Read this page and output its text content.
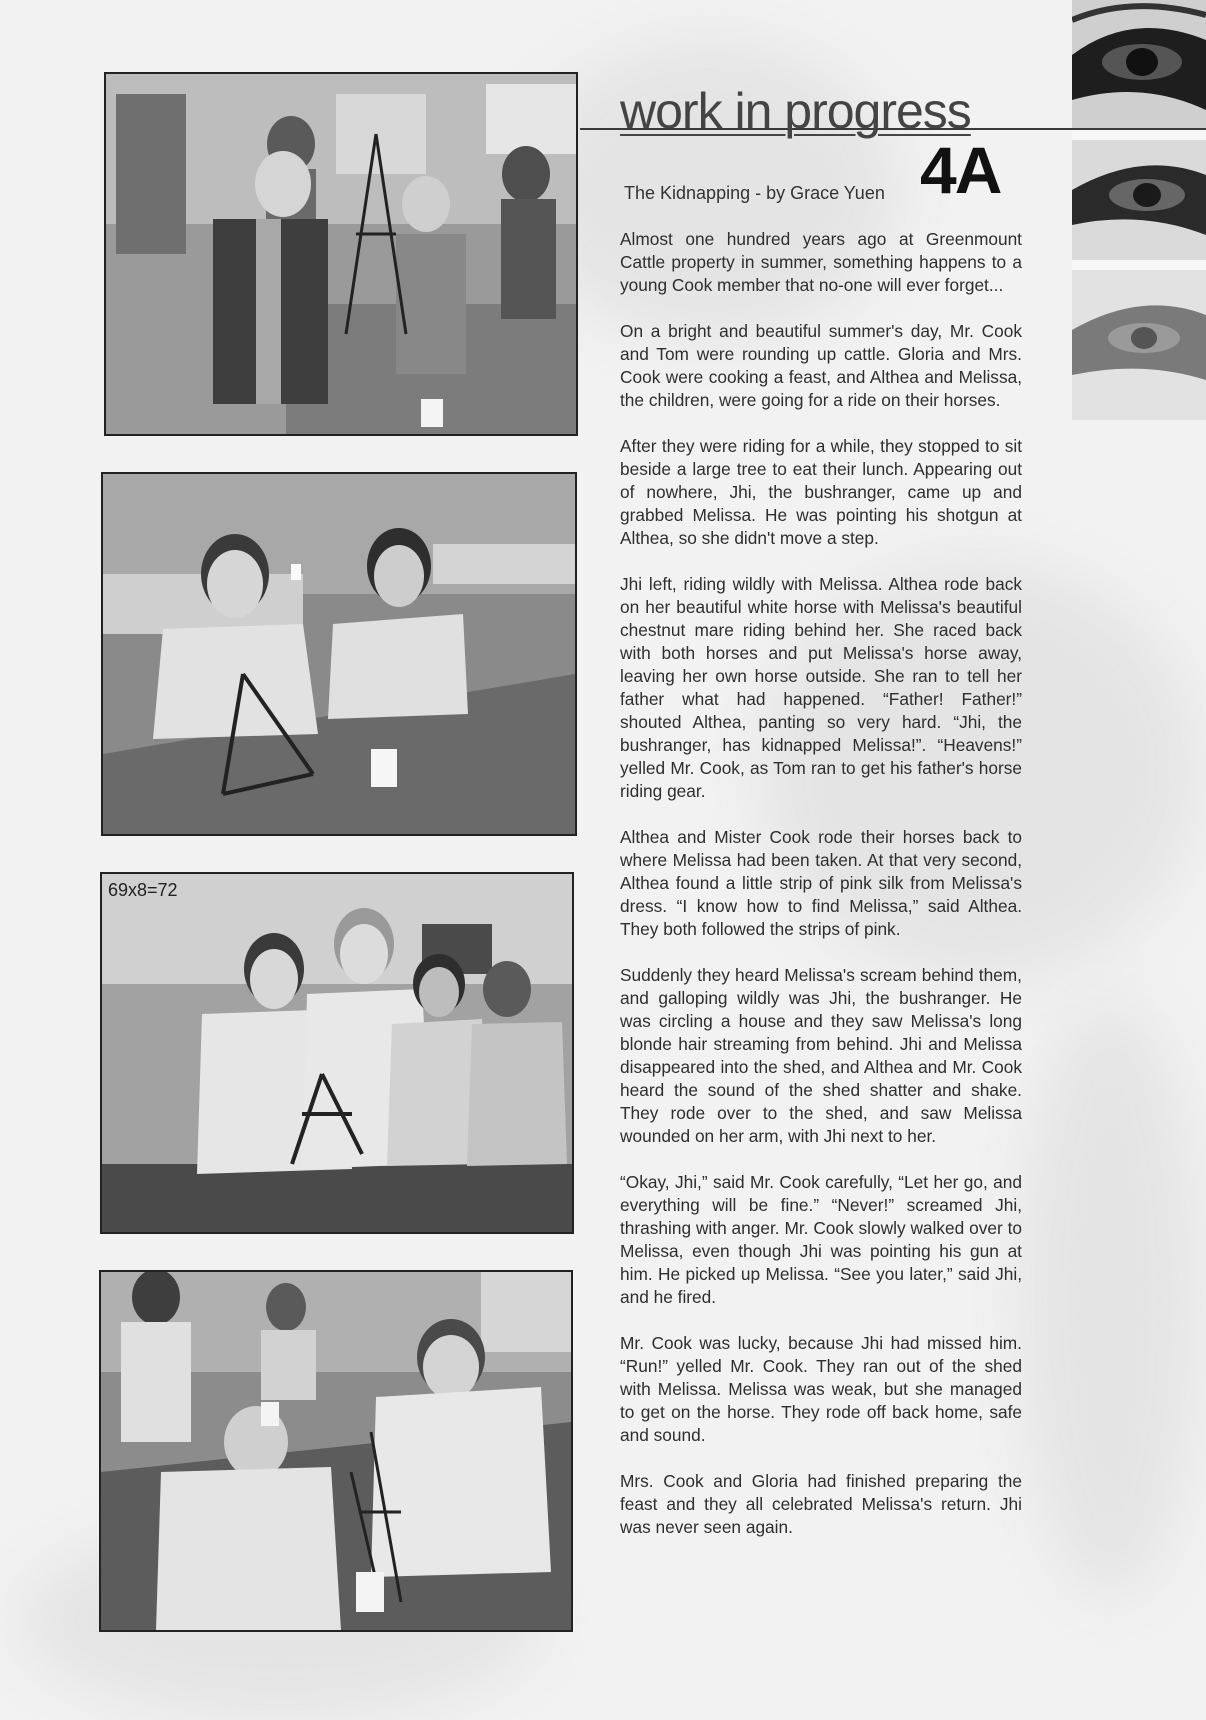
work in progress
4A
The Kidnapping - by Grace Yuen

Almost one hundred years ago at Greenmount Cattle property in summer, something happens to a young Cook member that no-one will ever forget...

On a bright and beautiful summer's day, Mr. Cook and Tom were rounding up cattle. Gloria and Mrs. Cook were cooking a feast, and Althea and Melissa, the children, were going for a ride on their horses.

After they were riding for a while, they stopped to sit beside a large tree to eat their lunch. Appearing out of nowhere, Jhi, the bushranger, came up and grabbed Melissa. He was pointing his shotgun at Althea, so she didn't move a step.

Jhi left, riding wildly with Melissa. Althea rode back on her beautiful white horse with Melissa's beautiful chestnut mare riding behind her. She raced back with both horses and put Melissa's horse away, leaving her own horse outside. She ran to tell her father what had happened. “Father! Father!” shouted Althea, panting so very hard. “Jhi, the bushranger, has kidnapped Melissa!”. “Heavens!” yelled Mr. Cook, as Tom ran to get his father's horse riding gear.

Althea and Mister Cook rode their horses back to where Melissa had been taken. At that very second, Althea found a little strip of pink silk from Melissa's dress. “I know how to find Melissa,” said Althea. They both followed the strips of pink.

Suddenly they heard Melissa's scream behind them, and galloping wildly was Jhi, the bushranger. He was circling a house and they saw Melissa's long blonde hair streaming from behind. Jhi and Melissa disappeared into the shed, and Althea and Mr. Cook heard the sound of the shed shatter and shake. They rode over to the shed, and saw Melissa wounded on her arm, with Jhi next to her.

“Okay, Jhi,” said Mr. Cook carefully, “Let her go, and everything will be fine.” “Never!” screamed Jhi, thrashing with anger. Mr. Cook slowly walked over to Melissa, even though Jhi was pointing his gun at him. He picked up Melissa. “See you later,” said Jhi, and he fired.

Mr. Cook was lucky, because Jhi had missed him. “Run!” yelled Mr. Cook. They ran out of the shed with Melissa. Melissa was weak, but she managed to get on the horse. They rode off back home, safe and sound.

Mrs. Cook and Gloria had finished preparing the feast and they all celebrated Melissa's return. Jhi was never seen again.

69x8=72
